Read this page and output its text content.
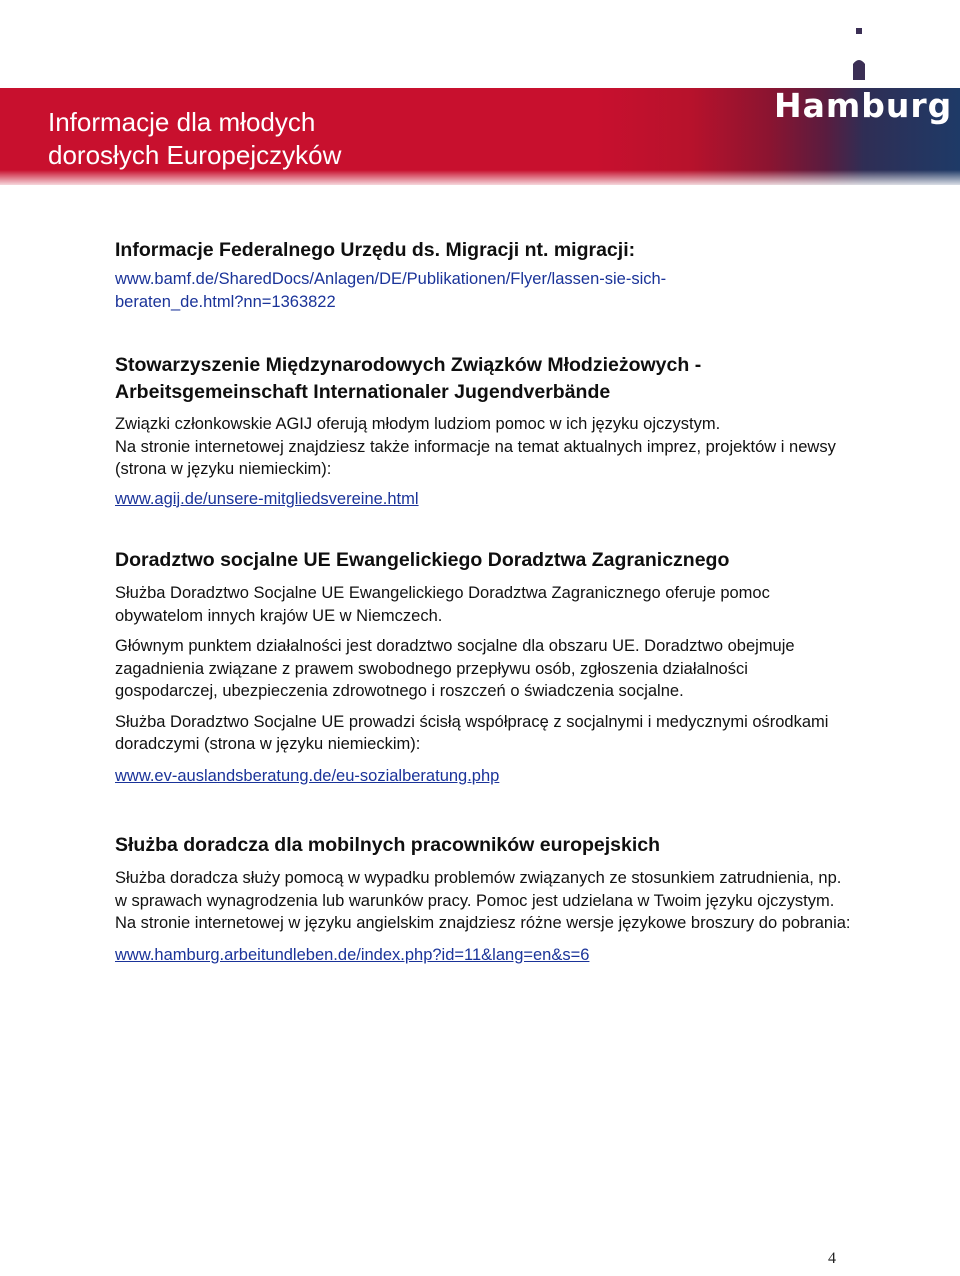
Informacje dla młodych
dorosłych Europejczyków
Hamburg
Informacje Federalnego Urzędu ds. Migracji nt. migracji:

www.bamf.de/SharedDocs/Anlagen/DE/Publikationen/Flyer/lassen-sie-sich-
beraten_de.html?nn=1363822

Stowarzyszenie Międzynarodowych Związków Młodzieżowych -
Arbeitsgemeinschaft Internationaler Jugendverbände

Związki członkowskie AGIJ oferują młodym ludziom pomoc w ich języku ojczystym.

Na stronie internetowej znajdziesz także informacje na temat aktualnych imprez, projektów i newsy (strona w języku niemieckim):

www.agij.de/unsere-mitgliedsvereine.html

Doradztwo socjalne UE Ewangelickiego Doradztwa Zagranicznego

Służba Doradztwo Socjalne UE Ewangelickiego Doradztwa Zagranicznego oferuje pomoc obywatelom innych krajów UE w Niemczech.

Głównym punktem działalności jest doradztwo socjalne dla obszaru UE. Doradztwo obejmuje zagadnienia związane z prawem swobodnego przepływu osób, zgłoszenia działalności gospodarczej, ubezpieczenia zdrowotnego i roszczeń o świadczenia socjalne.

Służba Doradztwo Socjalne UE prowadzi ścisłą współpracę z socjalnymi i medycznymi ośrodkami doradczymi (strona w języku niemieckim):

www.ev-auslandsberatung.de/eu-sozialberatung.php

Służba doradcza dla mobilnych pracowników europejskich

Służba doradcza służy pomocą w wypadku problemów związanych ze stosunkiem zatrudnienia, np. w sprawach wynagrodzenia lub warunków pracy. Pomoc jest udzielana w Twoim języku ojczystym. Na stronie internetowej w języku angielskim znajdziesz różne wersje językowe broszury do pobrania:

www.hamburg.arbeitundleben.de/index.php?id=11&lang=en&s=6

4
